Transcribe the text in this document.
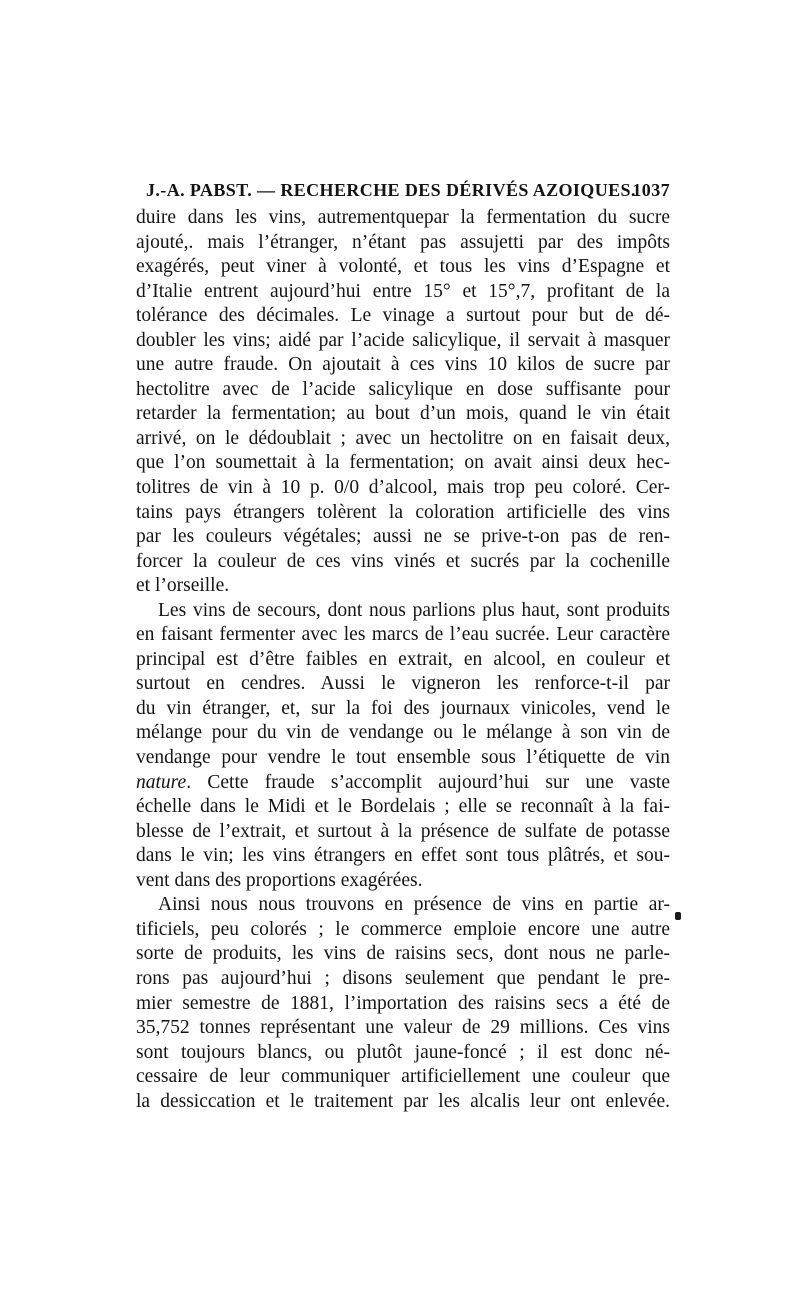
J.-A. PABST. — RECHERCHE DES DÉRIVÉS AZOIQUES.
1037
duire dans les vins, autrementquepar la fermentation du sucre
ajouté,. mais l’étranger, n’étant pas assujetti par des impôts
exagérés, peut viner à volonté, et tous les vins d’Espagne et
d’Italie entrent aujourd’hui entre 15° et 15°,7, profitant de la
tolérance des décimales. Le vinage a surtout pour but de dé-
doubler les vins; aidé par l’acide salicylique, il servait à masquer
une autre fraude. On ajoutait à ces vins 10 kilos de sucre par
hectolitre avec de l’acide salicylique en dose suffisante pour
retarder la fermentation; au bout d’un mois, quand le vin était
arrivé, on le dédoublait ; avec un hectolitre on en faisait deux,
que l’on soumettait à la fermentation; on avait ainsi deux hec-
tolitres de vin à 10 p. 0/0 d’alcool, mais trop peu coloré. Cer-
tains pays étrangers tolèrent la coloration artificielle des vins
par les couleurs végétales; aussi ne se prive-t-on pas de ren-
forcer la couleur de ces vins vinés et sucrés par la cochenille
et l’orseille.
Les vins de secours, dont nous parlions plus haut, sont produits
en faisant fermenter avec les marcs de l’eau sucrée. Leur caractère
principal est d’être faibles en extrait, en alcool, en couleur et
surtout en cendres. Aussi le vigneron les renforce-t-il par
du vin étranger, et, sur la foi des journaux vinicoles, vend le
mélange pour du vin de vendange ou le mélange à son vin de
vendange pour vendre le tout ensemble sous l’étiquette de vin
nature. Cette fraude s’accomplit aujourd’hui sur une vaste
échelle dans le Midi et le Bordelais ; elle se reconnaît à la fai-
blesse de l’extrait, et surtout à la présence de sulfate de potasse
dans le vin; les vins étrangers en effet sont tous plâtrés, et sou-
vent dans des proportions exagérées.
Ainsi nous nous trouvons en présence de vins en partie ar-
tificiels, peu colorés ; le commerce emploie encore une autre
sorte de produits, les vins de raisins secs, dont nous ne parle-
rons pas aujourd’hui ; disons seulement que pendant le pre-
mier semestre de 1881, l’importation des raisins secs a été de
35,752 tonnes représentant une valeur de 29 millions. Ces vins
sont toujours blancs, ou plutôt jaune-foncé ; il est donc né-
cessaire de leur communiquer artificiellement une couleur que
la dessiccation et le traitement par les alcalis leur ont enlevée.
